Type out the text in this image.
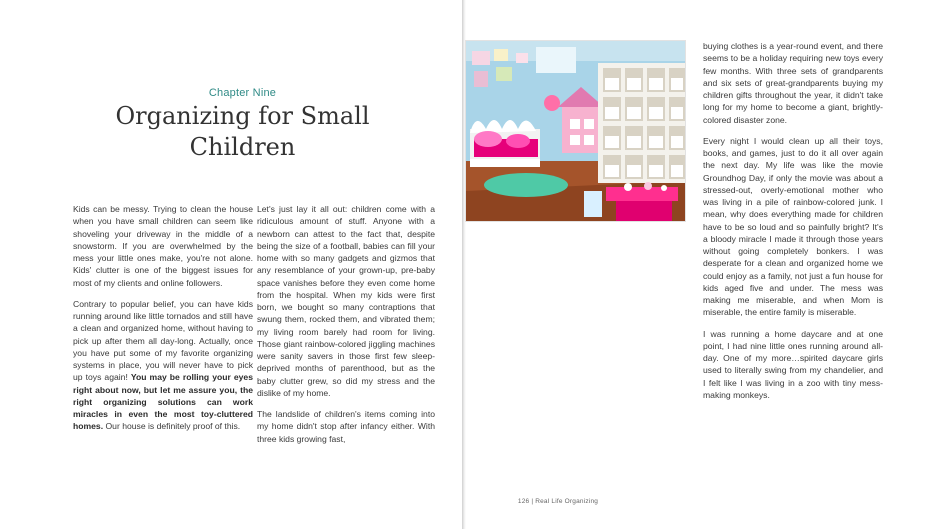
Chapter Nine
Organizing for Small
Children

Kids can be messy. Trying to clean the house when you have small children can seem like shoveling your driveway in the middle of a snowstorm. If you are overwhelmed by the mess your little ones make, you're not alone. Kids' clutter is one of the biggest issues for most of my clients and online followers.

Contrary to popular belief, you can have kids running around like little tornados and still have a clean and organized home, without having to pick up after them all day-long. Actually, once you have put some of my favorite organizing systems in place, you will never have to pick up toys again! You may be rolling your eyes right about now, but let me assure you, the right organizing solutions can work miracles in even the most toy-cluttered homes. Our house is definitely proof of this.

Let's just lay it all out: children come with a ridiculous amount of stuff. Anyone with a newborn can attest to the fact that, despite being the size of a football, babies can fill your home with so many gadgets and gizmos that any resemblance of your grown-up, pre-baby space vanishes before they even come home from the hospital. When my kids were first born, we bought so many contraptions that swung them, rocked them, and vibrated them; my living room barely had room for living. Those giant rainbow-colored jiggling machines were sanity savers in those first few sleep-deprived months of parenthood, but as the baby clutter grew, so did my stress and the dislike of my home.

The landslide of children's items coming into my home didn't stop after infancy either. With three kids growing fast,

buying clothes is a year-round event, and there seems to be a holiday requiring new toys every few months. With three sets of grandparents and six sets of great-grandparents buying my children gifts throughout the year, it didn't take long for my home to become a giant, brightly-colored disaster zone.

Every night I would clean up all their toys, books, and games, just to do it all over again the next day. My life was like the movie Groundhog Day, if only the movie was about a stressed-out, overly-emotional mother who was living in a pile of rainbow-colored junk. I mean, why does everything made for children have to be so loud and so painfully bright? It's a bloody miracle I made it through those years without going completely bonkers. I was desperate for a clean and organized home we could enjoy as a family, not just a fun house for kids aged five and under. The mess was making me miserable, and when Mom is miserable, the entire family is miserable.

I was running a home daycare and at one point, I had nine little ones running around all-day. One of my more…spirited daycare girls used to literally swing from my chandelier, and I felt like I was living in a zoo with tiny mess-making monkeys.

126 | Real Life Organizing
